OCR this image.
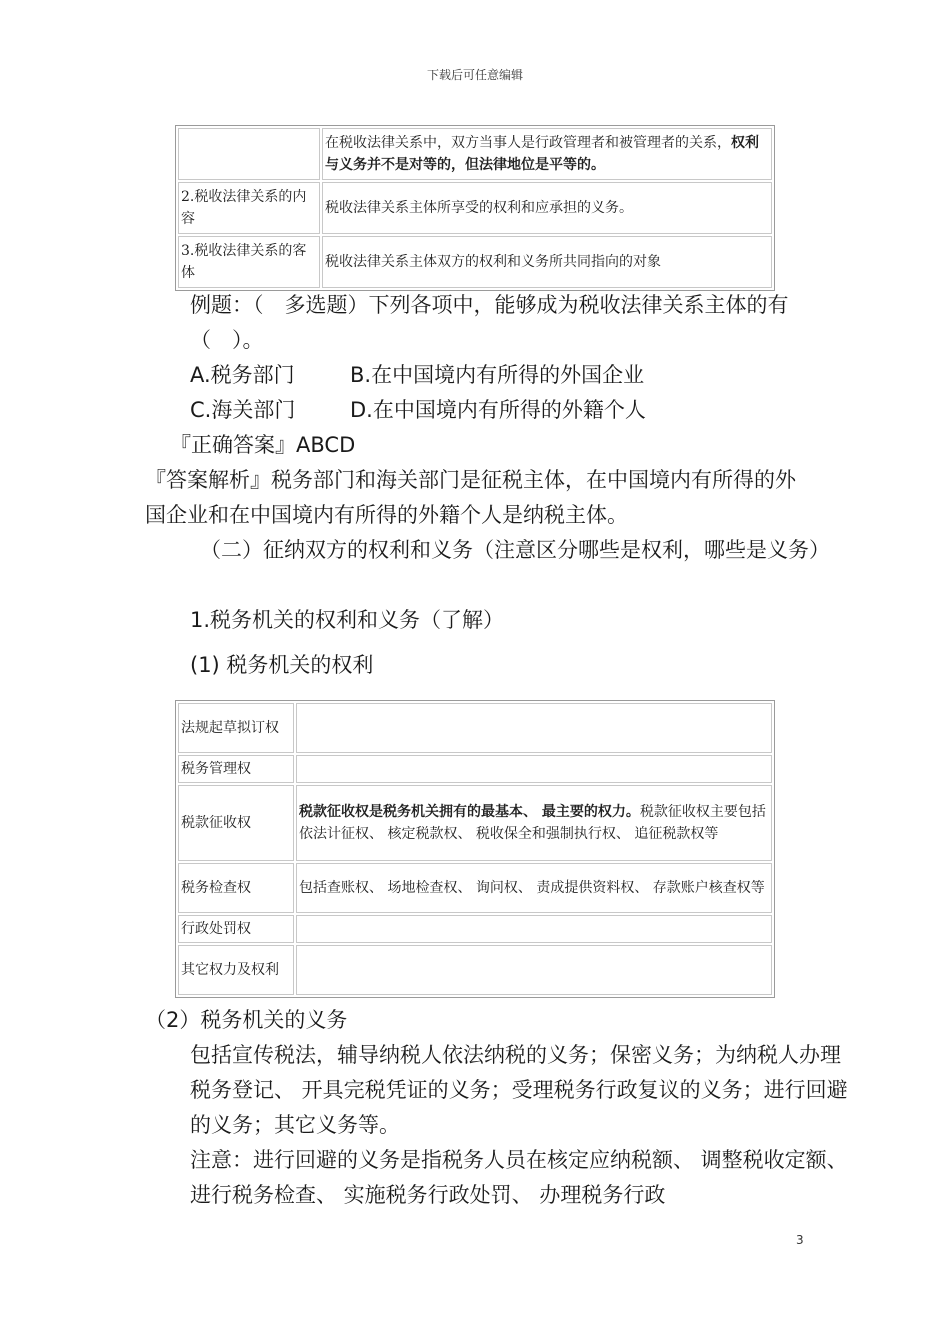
下载后可任意编辑
	在税收法律关系中，双方当事人是行政管理者和被管理者的关系，权利与义务并不是对等的，但法律地位是平等的。
2.税收法律关系的内容	税收法律关系主体所享受的权利和应承担的义务。
3.税收法律关系的客体	税收法律关系主体双方的权利和义务所共同指向的对象
例题：（　多选题）下列各项中，能够成为税收法律关系主体的有（　）。
A.税务部门	B.在中国境内有所得的外国企业
C.海关部门	D.在中国境内有所得的外籍个人
『正确答案』ABCD
『答案解析』税务部门和海关部门是征税主体，在中国境内有所得的外国企业和在中国境内有所得的外籍个人是纳税主体。
（二）征纳双方的权利和义务（注意区分哪些是权利，哪些是义务）
1.税务机关的权利和义务（了解）
(1) 税务机关的权利
法规起草拟订权	
税务管理权	
税款征收权	税款征收权是税务机关拥有的最基本、 最主要的权力。税款征收权主要包括依法计征权、 核定税款权、 税收保全和强制执行权、 追征税款权等
税务检查权	包括查账权、 场地检查权、 询问权、 责成提供资料权、 存款账户核查权等
行政处罚权	
其它权力及权利	
（2）税务机关的义务
包括宣传税法，辅导纳税人依法纳税的义务；保密义务；为纳税人办理税务登记、 开具完税凭证的义务；受理税务行政复议的义务；进行回避的义务；其它义务等。
注意：进行回避的义务是指税务人员在核定应纳税额、 调整税收定额、 进行税务检查、 实施税务行政处罚、 办理税务行政
3
